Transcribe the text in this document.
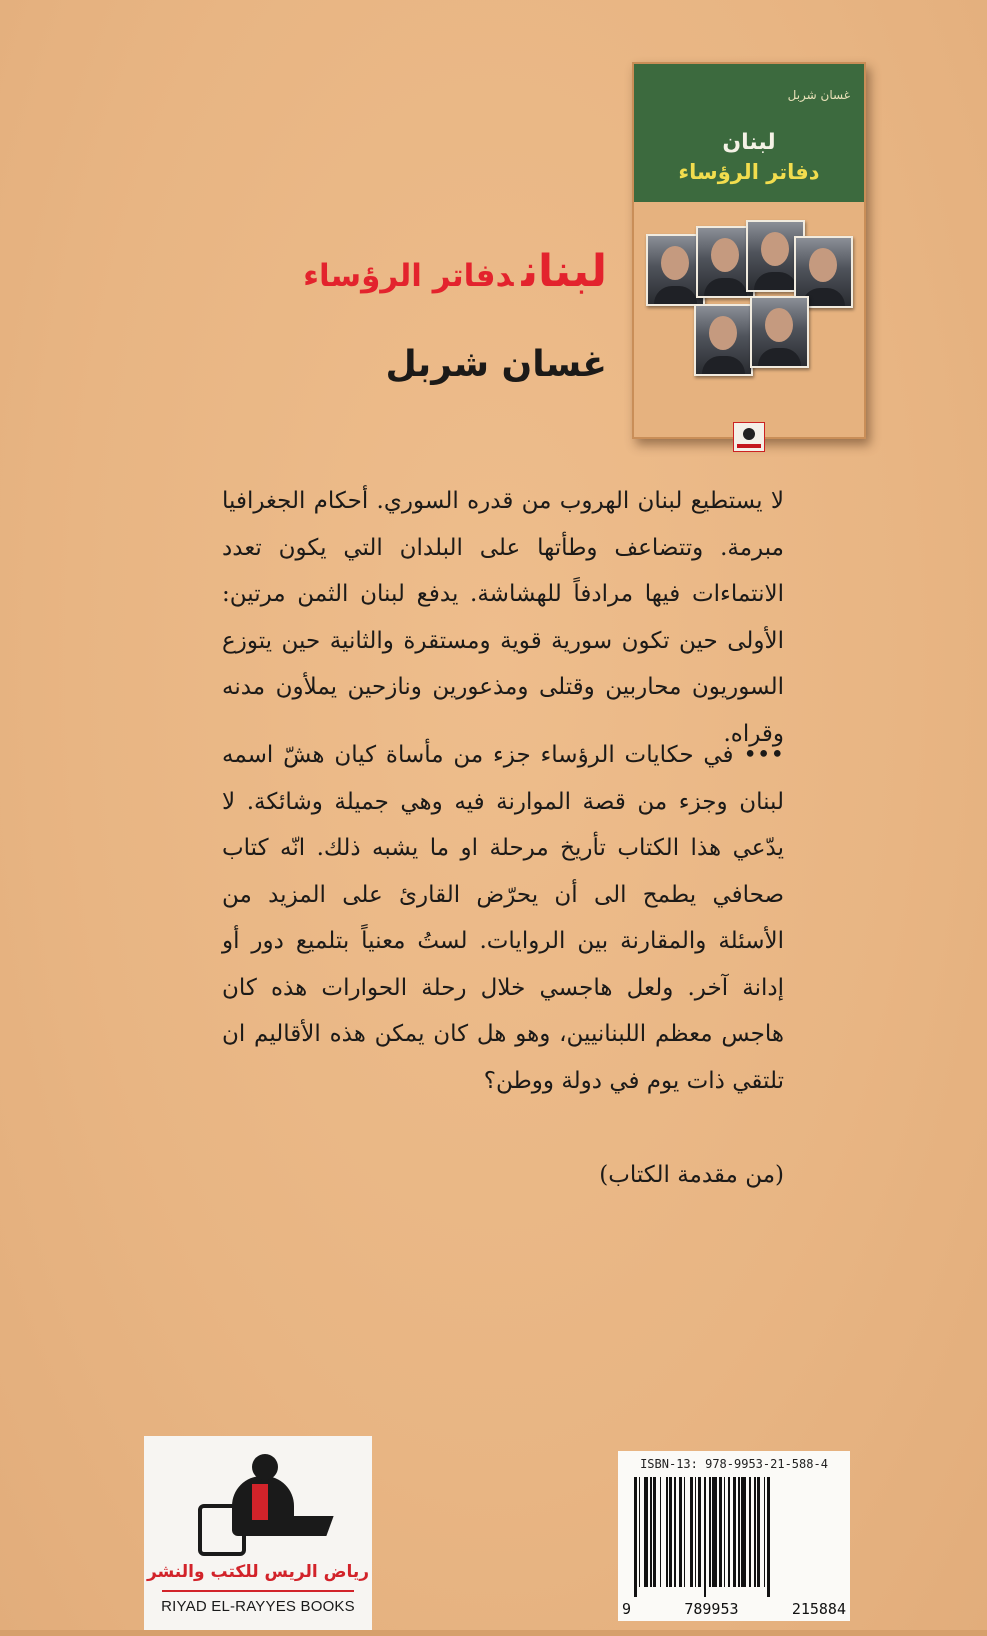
غسان شربل
لبنان
دفاتر الرؤساء
لبناندفاتر الرؤساء
غسان شربل
لا يستطيع لبنان الهروب من قدره السوري. أحكام الجغرافيا مبرمة. وتتضاعف وطأتها على البلدان التي يكون تعدد الانتماءات فيها مرادفاً للهشاشة. يدفع لبنان الثمن مرتين: الأولى حين تكون سورية قوية ومستقرة والثانية حين يتوزع السوريون محاربين وقتلى ومذعورين ونازحين يملأون مدنه وقراه.
••• في حكايات الرؤساء جزء من مأساة كيان هشّ اسمه لبنان وجزء من قصة الموارنة فيه وهي جميلة وشائكة. لا يدّعي هذا الكتاب تأريخ مرحلة او ما يشبه ذلك. انّه كتاب صحافي يطمح الى أن يحرّض القارئ على المزيد من الأسئلة والمقارنة بين الروايات. لستُ معنياً بتلميع دور أو إدانة آخر. ولعل هاجسي خلال رحلة الحوارات هذه كان هاجس معظم اللبنانيين، وهو هل كان يمكن هذه الأقاليم ان تلتقي ذات يوم في دولة ووطن؟
(من مقدمة الكتاب)
رياض الريس للكتب والنشر
RIYAD EL-RAYYES BOOKS
ISBN-13: 978-9953-21-588-4
9	789953	215884
